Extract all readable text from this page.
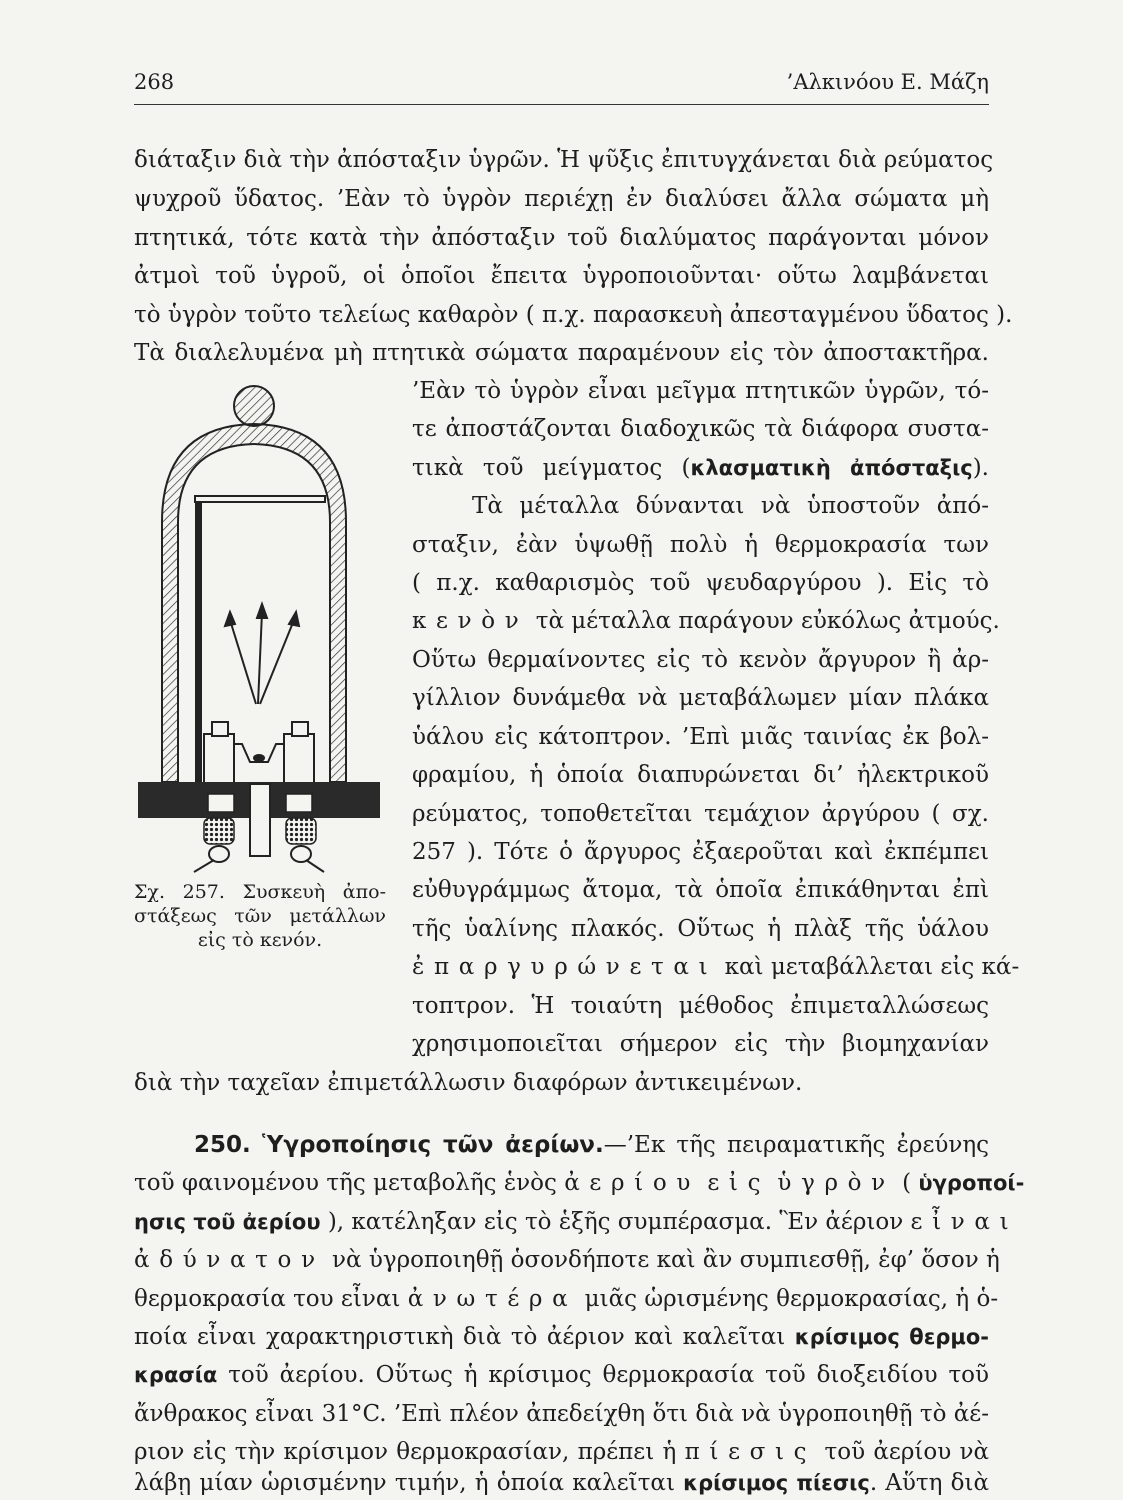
268	’Αλκινόου Ε. Μάζη
διάταξιν διὰ τὴν ἀπόσταξιν ὑγρῶν. Ἡ ψῦξις ἐπιτυγχάνεται διὰ ρεύματος
ψυχροῦ ὕδατος. ’Εὰν τὸ ὑγρὸν περιέχῃ ἐν διαλύσει ἄλλα σώματα μὴ
πτητικά, τότε κατὰ τὴν ἀπόσταξιν τοῦ διαλύματος παράγονται μόνον
ἀτμοὶ τοῦ ὑγροῦ, οἱ ὁποῖοι ἔπειτα ὑγροποιοῦνται· οὕτω λαμβάνεται
τὸ ὑγρὸν τοῦτο τελείως καθαρὸν ( π.χ. παρασκευὴ ἀπεσταγμένου ὕδατος ).
Τὰ διαλελυμένα μὴ πτητικὰ σώματα παραμένουν εἰς τὸν ἀποστακτῆρα.
Σχ. 257. Συσκευὴ ἀπο-
στάξεως τῶν μετάλλων
εἰς τὸ κενόν.
’Εὰν τὸ ὑγρὸν εἶναι μεῖγμα πτητικῶν ὑγρῶν, τό-
τε ἀποστάζονται διαδοχικῶς τὰ διάφορα συστα-
τικὰ τοῦ μείγματος (κλασματικὴ ἀπόσταξις).
Τὰ μέταλλα δύνανται νὰ ὑποστοῦν ἀπό-
σταξιν, ἐὰν ὑψωθῇ πολὺ ἡ θερμοκρασία των
( π.χ. καθαρισμὸς τοῦ ψευδαργύρου ). Εἰς τὸ
κενὸν τὰ μέταλλα παράγουν εὐκόλως ἀτμούς.
Οὕτω θερμαίνοντες εἰς τὸ κενὸν ἄργυρον ἢ ἀρ-
γίλλιον δυνάμεθα νὰ μεταβάλωμεν μίαν πλάκα
ὑάλου εἰς κάτοπτρον. ’Επὶ μιᾶς ταινίας ἐκ βολ-
φραμίου, ἡ ὁποία διαπυρώνεται δι’ ἠλεκτρικοῦ
ρεύματος, τοποθετεῖται τεμάχιον ἀργύρου ( σχ.
257 ). Τότε ὁ ἄργυρος ἐξαεροῦται καὶ ἐκπέμπει
εὐθυγράμμως ἄτομα, τὰ ὁποῖα ἐπικάθηνται ἐπὶ
τῆς ὑαλίνης πλακός. Οὕτως ἡ πλὰξ τῆς ὑάλου
ἐπαργυρώνεται καὶ μεταβάλλεται εἰς κά-
τοπτρον. Ἡ τοιαύτη μέθοδος ἐπιμεταλλώσεως
χρησιμοποιεῖται σήμερον εἰς τὴν βιομηχανίαν
διὰ τὴν ταχεῖαν ἐπιμετάλλωσιν διαφόρων ἀντικειμένων.
250. Ὑγροποίησις τῶν ἀερίων.—’Εκ τῆς πειραματικῆς ἐρεύνης
τοῦ φαινομένου τῆς μεταβολῆς ἑνὸς ἀερίου εἰς ὑγρὸν ( ὑγροποί-
ησις τοῦ ἀερίου ), κατέληξαν εἰς τὸ ἑξῆς συμπέρασμα. Ἓν ἀέριον εἶναι
ἀδύνατον νὰ ὑγροποιηθῇ ὁσονδήποτε καὶ ἂν συμπιεσθῇ, ἐφ’ ὅσον ἡ
θερμοκρασία του εἶναι ἀνωτέρα μιᾶς ὡρισμένης θερμοκρασίας, ἡ ὁ-
ποία εἶναι χαρακτηριστικὴ διὰ τὸ ἀέριον καὶ καλεῖται κρίσιμος θερμο-
κρασία τοῦ ἀερίου. Οὕτως ἡ κρίσιμος θερμοκρασία τοῦ διοξειδίου τοῦ
ἄνθρακος εἶναι 31°C. ’Επὶ πλέον ἀπεδείχθη ὅτι διὰ νὰ ὑγροποιηθῇ τὸ ἀέ-
ριον εἰς τὴν κρίσιμον θερμοκρασίαν, πρέπει ἡ πίεσις τοῦ ἀερίου νὰ
λάβῃ μίαν ὡρισμένην τιμήν, ἡ ὁποία καλεῖται κρίσιμος πίεσις. Αὕτη διὰ
